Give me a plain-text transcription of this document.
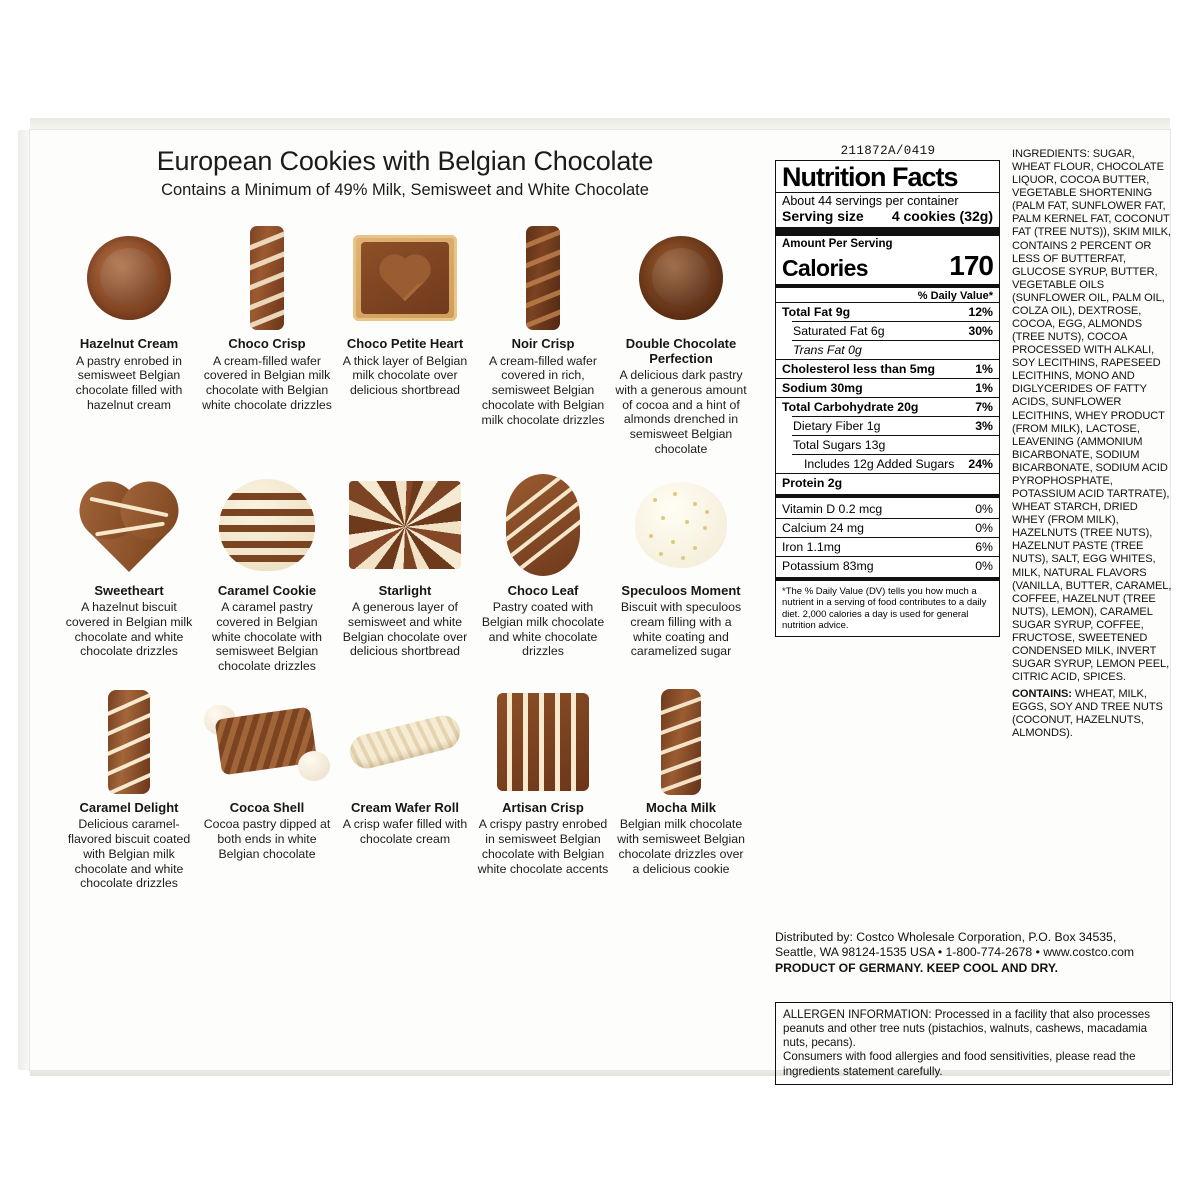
European Cookies with Belgian Chocolate
Contains a Minimum of 49% Milk, Semisweet and White Chocolate
Hazelnut Cream
A pastry enrobed in semisweet Belgian chocolate filled with hazelnut cream
Choco Crisp
A cream-filled wafer covered in Belgian milk chocolate with Belgian white chocolate drizzles
Choco Petite Heart
A thick layer of Belgian milk chocolate over delicious shortbread
Noir Crisp
A cream-filled wafer covered in rich, semisweet Belgian chocolate with Belgian milk chocolate drizzles
Double Chocolate Perfection
A delicious dark pastry with a generous amount of cocoa and a hint of almonds drenched in semisweet Belgian chocolate
Sweetheart
A hazelnut biscuit covered in Belgian milk chocolate and white chocolate drizzles
Caramel Cookie
A caramel pastry covered in Belgian white chocolate with semisweet Belgian chocolate drizzles
Starlight
A generous layer of semisweet and white Belgian chocolate over delicious shortbread
Choco Leaf
Pastry coated with Belgian milk chocolate and white chocolate drizzles
Speculoos Moment
Biscuit with speculoos cream filling with a white coating and caramelized sugar
Caramel Delight
Delicious caramel-flavored biscuit coated with Belgian milk chocolate and white chocolate drizzles
Cocoa Shell
Cocoa pastry dipped at both ends in white Belgian chocolate
Cream Wafer Roll
A crisp wafer filled with chocolate cream
Artisan Crisp
A crispy pastry enrobed in semisweet Belgian chocolate with Belgian white chocolate accents
Mocha Milk
Belgian milk chocolate with semisweet Belgian chocolate drizzles over a delicious cookie
211872A/0419
Nutrition Facts
About 44 servings per container
Serving size 4 cookies (32g)
Amount Per Serving
Calories	170
% Daily Value*
Total Fat 9g	12%
Saturated Fat 6g	30%
Trans Fat 0g
Cholesterol less than 5mg	1%
Sodium 30mg	1%
Total Carbohydrate 20g	7%
Dietary Fiber 1g	3%
Total Sugars 13g
Includes 12g Added Sugars 24%
Protein 2g
Vitamin D 0.2 mcg	0%
Calcium 24 mg	0%
Iron 1.1mg	6%
Potassium 83mg	0%
*The % Daily Value (DV) tells you how much a nutrient in a serving of food contributes to a daily diet. 2,000 calories a day is used for general nutrition advice.
INGREDIENTS: SUGAR, WHEAT FLOUR, CHOCOLATE LIQUOR, COCOA BUTTER, VEGETABLE SHORTENING (PALM FAT, SUNFLOWER FAT, PALM KERNEL FAT, COCONUT FAT (TREE NUTS)), SKIM MILK, CONTAINS 2 PERCENT OR LESS OF BUTTERFAT, GLUCOSE SYRUP, BUTTER, VEGETABLE OILS (SUNFLOWER OIL, PALM OIL, COLZA OIL), DEXTROSE, COCOA, EGG, ALMONDS (TREE NUTS), COCOA PROCESSED WITH ALKALI, SOY LECITHINS, RAPESEED LECITHINS, MONO AND DIGLYCERIDES OF FATTY ACIDS, SUNFLOWER LECITHINS, WHEY PRODUCT (FROM MILK), LACTOSE, LEAVENING (AMMONIUM BICARBONATE, SODIUM BICARBONATE, SODIUM ACID PYROPHOSPHATE, POTASSIUM ACID TARTRATE), WHEAT STARCH, DRIED WHEY (FROM MILK), HAZELNUTS (TREE NUTS), HAZELNUT PASTE (TREE NUTS), SALT, EGG WHITES, MILK, NATURAL FLAVORS (VANILLA, BUTTER, CARAMEL, COFFEE, HAZELNUT (TREE NUTS), LEMON), CARAMEL SUGAR SYRUP, COFFEE, FRUCTOSE, SWEETENED CONDENSED MILK, INVERT SUGAR SYRUP, LEMON PEEL, CITRIC ACID, SPICES.
CONTAINS: WHEAT, MILK, EGGS, SOY AND TREE NUTS (COCONUT, HAZELNUTS, ALMONDS).
Distributed by: Costco Wholesale Corporation, P.O. Box 34535,
Seattle, WA 98124-1535 USA • 1-800-774-2678 • www.costco.com
PRODUCT OF GERMANY. KEEP COOL AND DRY.
ALLERGEN INFORMATION: Processed in a facility that also processes peanuts and other tree nuts (pistachios, walnuts, cashews, macadamia nuts, pecans).
Consumers with food allergies and food sensitivities, please read the ingredients statement carefully.
